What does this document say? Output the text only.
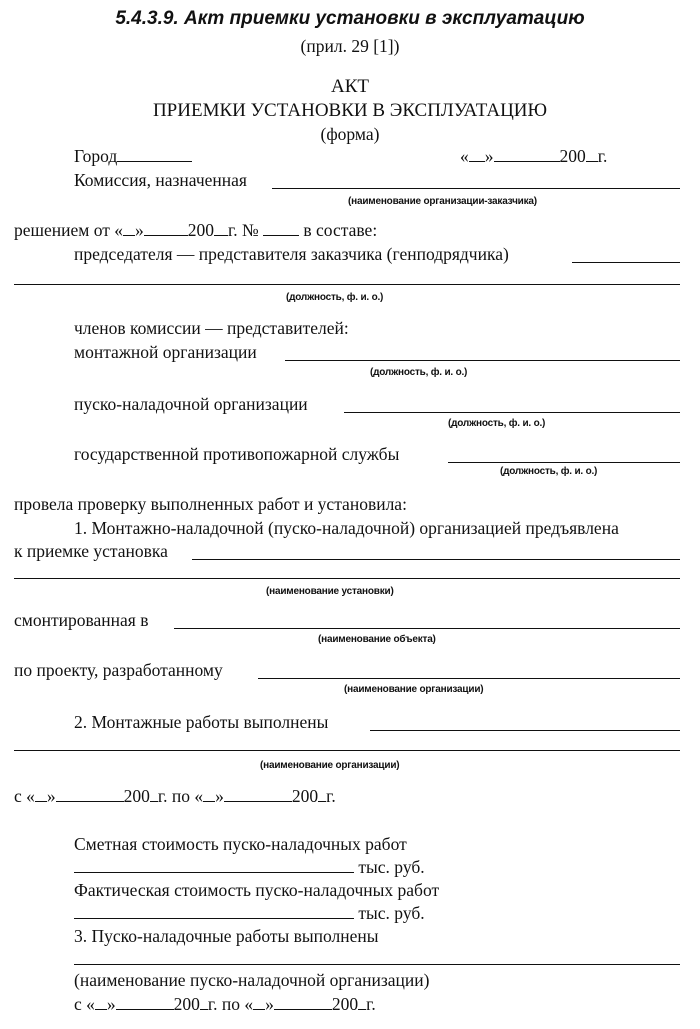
5.4.3.9. Акт приемки установки в эксплуатацию
(прил. 29 [1])
АКТ
ПРИЕМКИ УСТАНОВКИ В ЭКСПЛУАТАЦИЮ
(форма)
Город	« »	200 г.
Комиссия, назначенная
(наименование организации-заказчика)
решением от « »	200 г. №	в составе:
председателя — представителя заказчика (генподрядчика)
(должность, ф. и. о.)
членов комиссии — представителей:
монтажной организации
(должность, ф. и. о.)
пуско-наладочной организации
(должность, ф. и. о.)
государственной противопожарной службы
(должность, ф. и. о.)
провела проверку выполненных работ и установила:
1. Монтажно-наладочной (пуско-наладочной) организацией предъявлена
к приемке установка
(наименование установки)
смонтированная в
(наименование объекта)
по проекту, разработанному
(наименование организации)
2. Монтажные работы выполнены
(наименование организации)
с « »	200 г. по « »	200 г.
Сметная стоимость пуско-наладочных работ
тыс. руб.
Фактическая стоимость пуско-наладочных работ
тыс. руб.
3. Пуско-наладочные работы выполнены
(наименование пуско-наладочной организации)
с « »	200 г. по « »	200 г.
